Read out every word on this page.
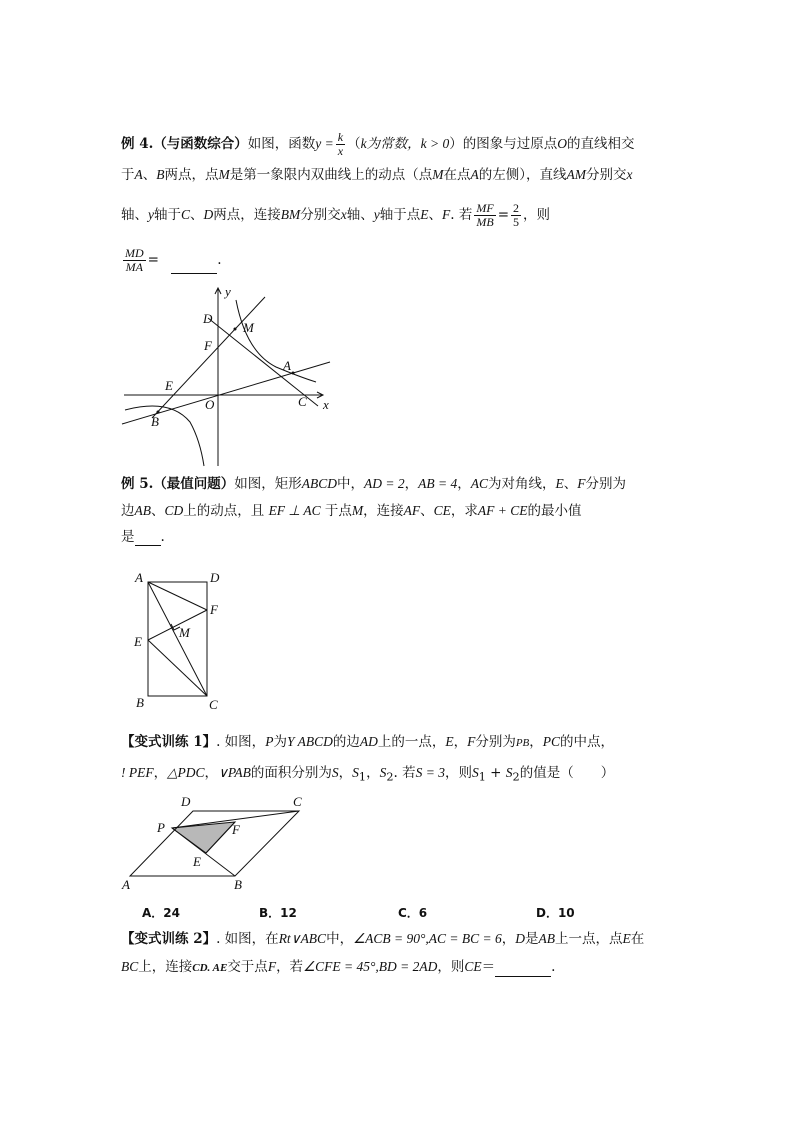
例 4.（与函数综合）如图，函数$y = \frac{k}{x} (k$为常数，k > 0）的图象与过原点O的直线相交
于A、B两点，点M是第一象限内双曲线上的动点（点M在点A的左侧），直线AM分别交x
轴、y轴于C、D两点，连接BM分别交x轴、y轴于点E、F. 若 $\frac{MF}{MB} = \frac{2}{5}$ ，则
$\frac{MD}{MA}$ =	.
y
D
M
F
A
E
O	C x
B
例 5.（最值问题）如图，矩形ABCD中，AD = 2，AB = 4，AC为对角线，E、F分别为
边AB、CD上的动点，且 EF ⊥ AC 于点M，连接AF、CE，求AF + CE的最小值
是 .
A	D
F
M
E
B	C
【变式训练 1】. 如图，P为Y ABCD的边AD上的一点，E，F分别为PB，PC的中点，
! PEF，△PDC，∨PAB的面积分别为S，$S_1$，$S_2$. 若S = 3，则$S_1 + S_2$的值是（　　）
D	C
P	F
E
A	B
A．24	B．12	C．6	D．10
【变式训练 2】. 如图，在Rt∨ABC中，∠ACB = 90°,AC = BC = 6，D是AB上一点，点E在
BC上，连接CD. AE交于点F，若∠CFE = 45°,BD = 2AD，则CE＝	.
